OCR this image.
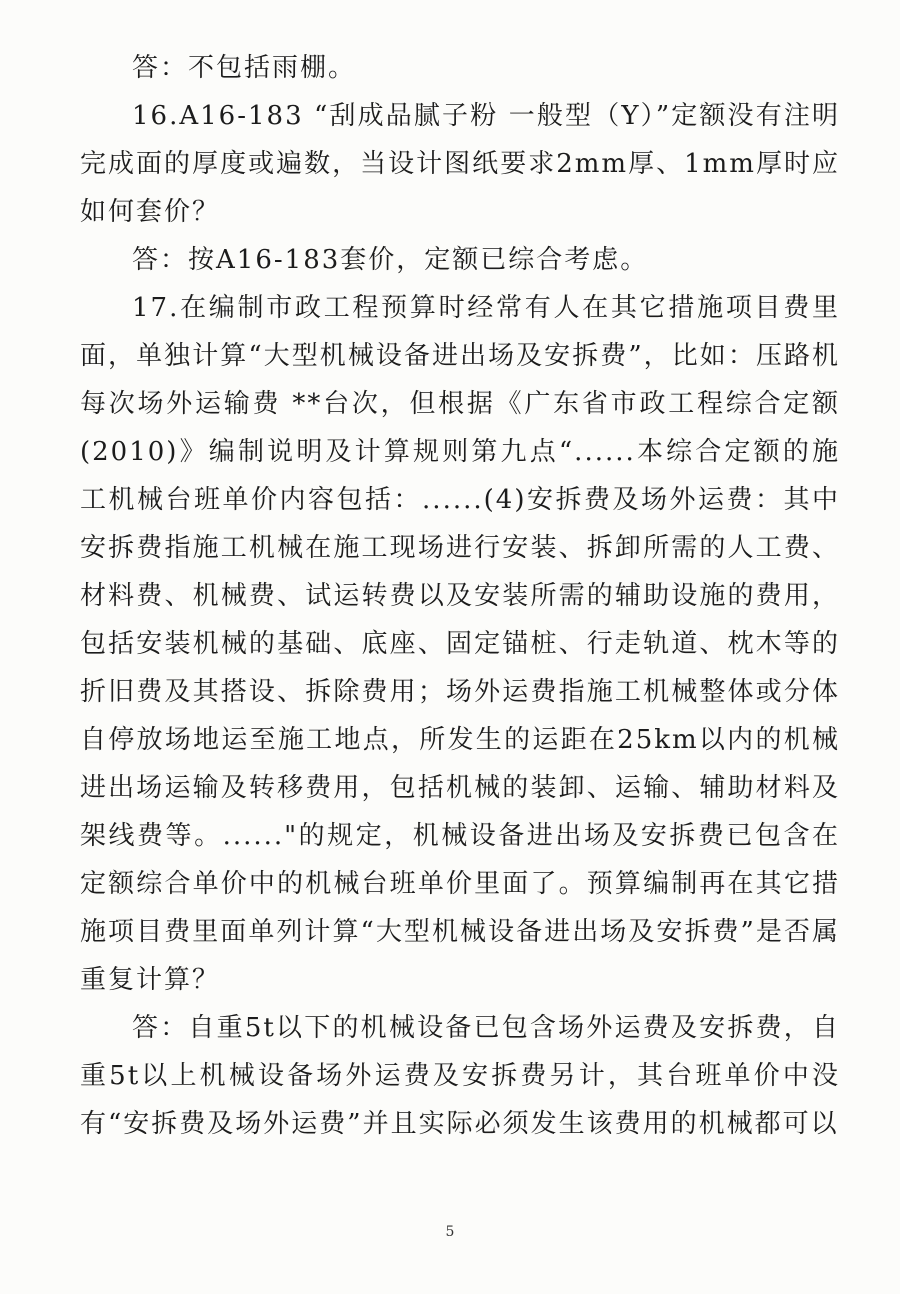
答：不包括雨棚。

16.A16-183 “刮成品腻子粉 一般型（Y）”定额没有注明完成面的厚度或遍数，当设计图纸要求2mm厚、1mm厚时应如何套价？

答：按A16-183套价，定额已综合考虑。

17.在编制市政工程预算时经常有人在其它措施项目费里面，单独计算“大型机械设备进出场及安拆费”，比如：压路机每次场外运输费 **台次，但根据《广东省市政工程综合定额(2010)》编制说明及计算规则第九点“......本综合定额的施工机械台班单价内容包括：......(4)安拆费及场外运费：其中安拆费指施工机械在施工现场进行安装、拆卸所需的人工费、材料费、机械费、试运转费以及安装所需的辅助设施的费用，包括安装机械的基础、底座、固定锚桩、行走轨道、枕木等的折旧费及其搭设、拆除费用；场外运费指施工机械整体或分体自停放场地运至施工地点，所发生的运距在25km以内的机械进出场运输及转移费用，包括机械的装卸、运输、辅助材料及架线费等。......"的规定，机械设备进出场及安拆费已包含在定额综合单价中的机械台班单价里面了。预算编制再在其它措施项目费里面单列计算“大型机械设备进出场及安拆费”是否属重复计算？

答：自重5t以下的机械设备已包含场外运费及安拆费，自重5t以上机械设备场外运费及安拆费另计，其台班单价中没有“安拆费及场外运费”并且实际必须发生该费用的机械都可以

5
